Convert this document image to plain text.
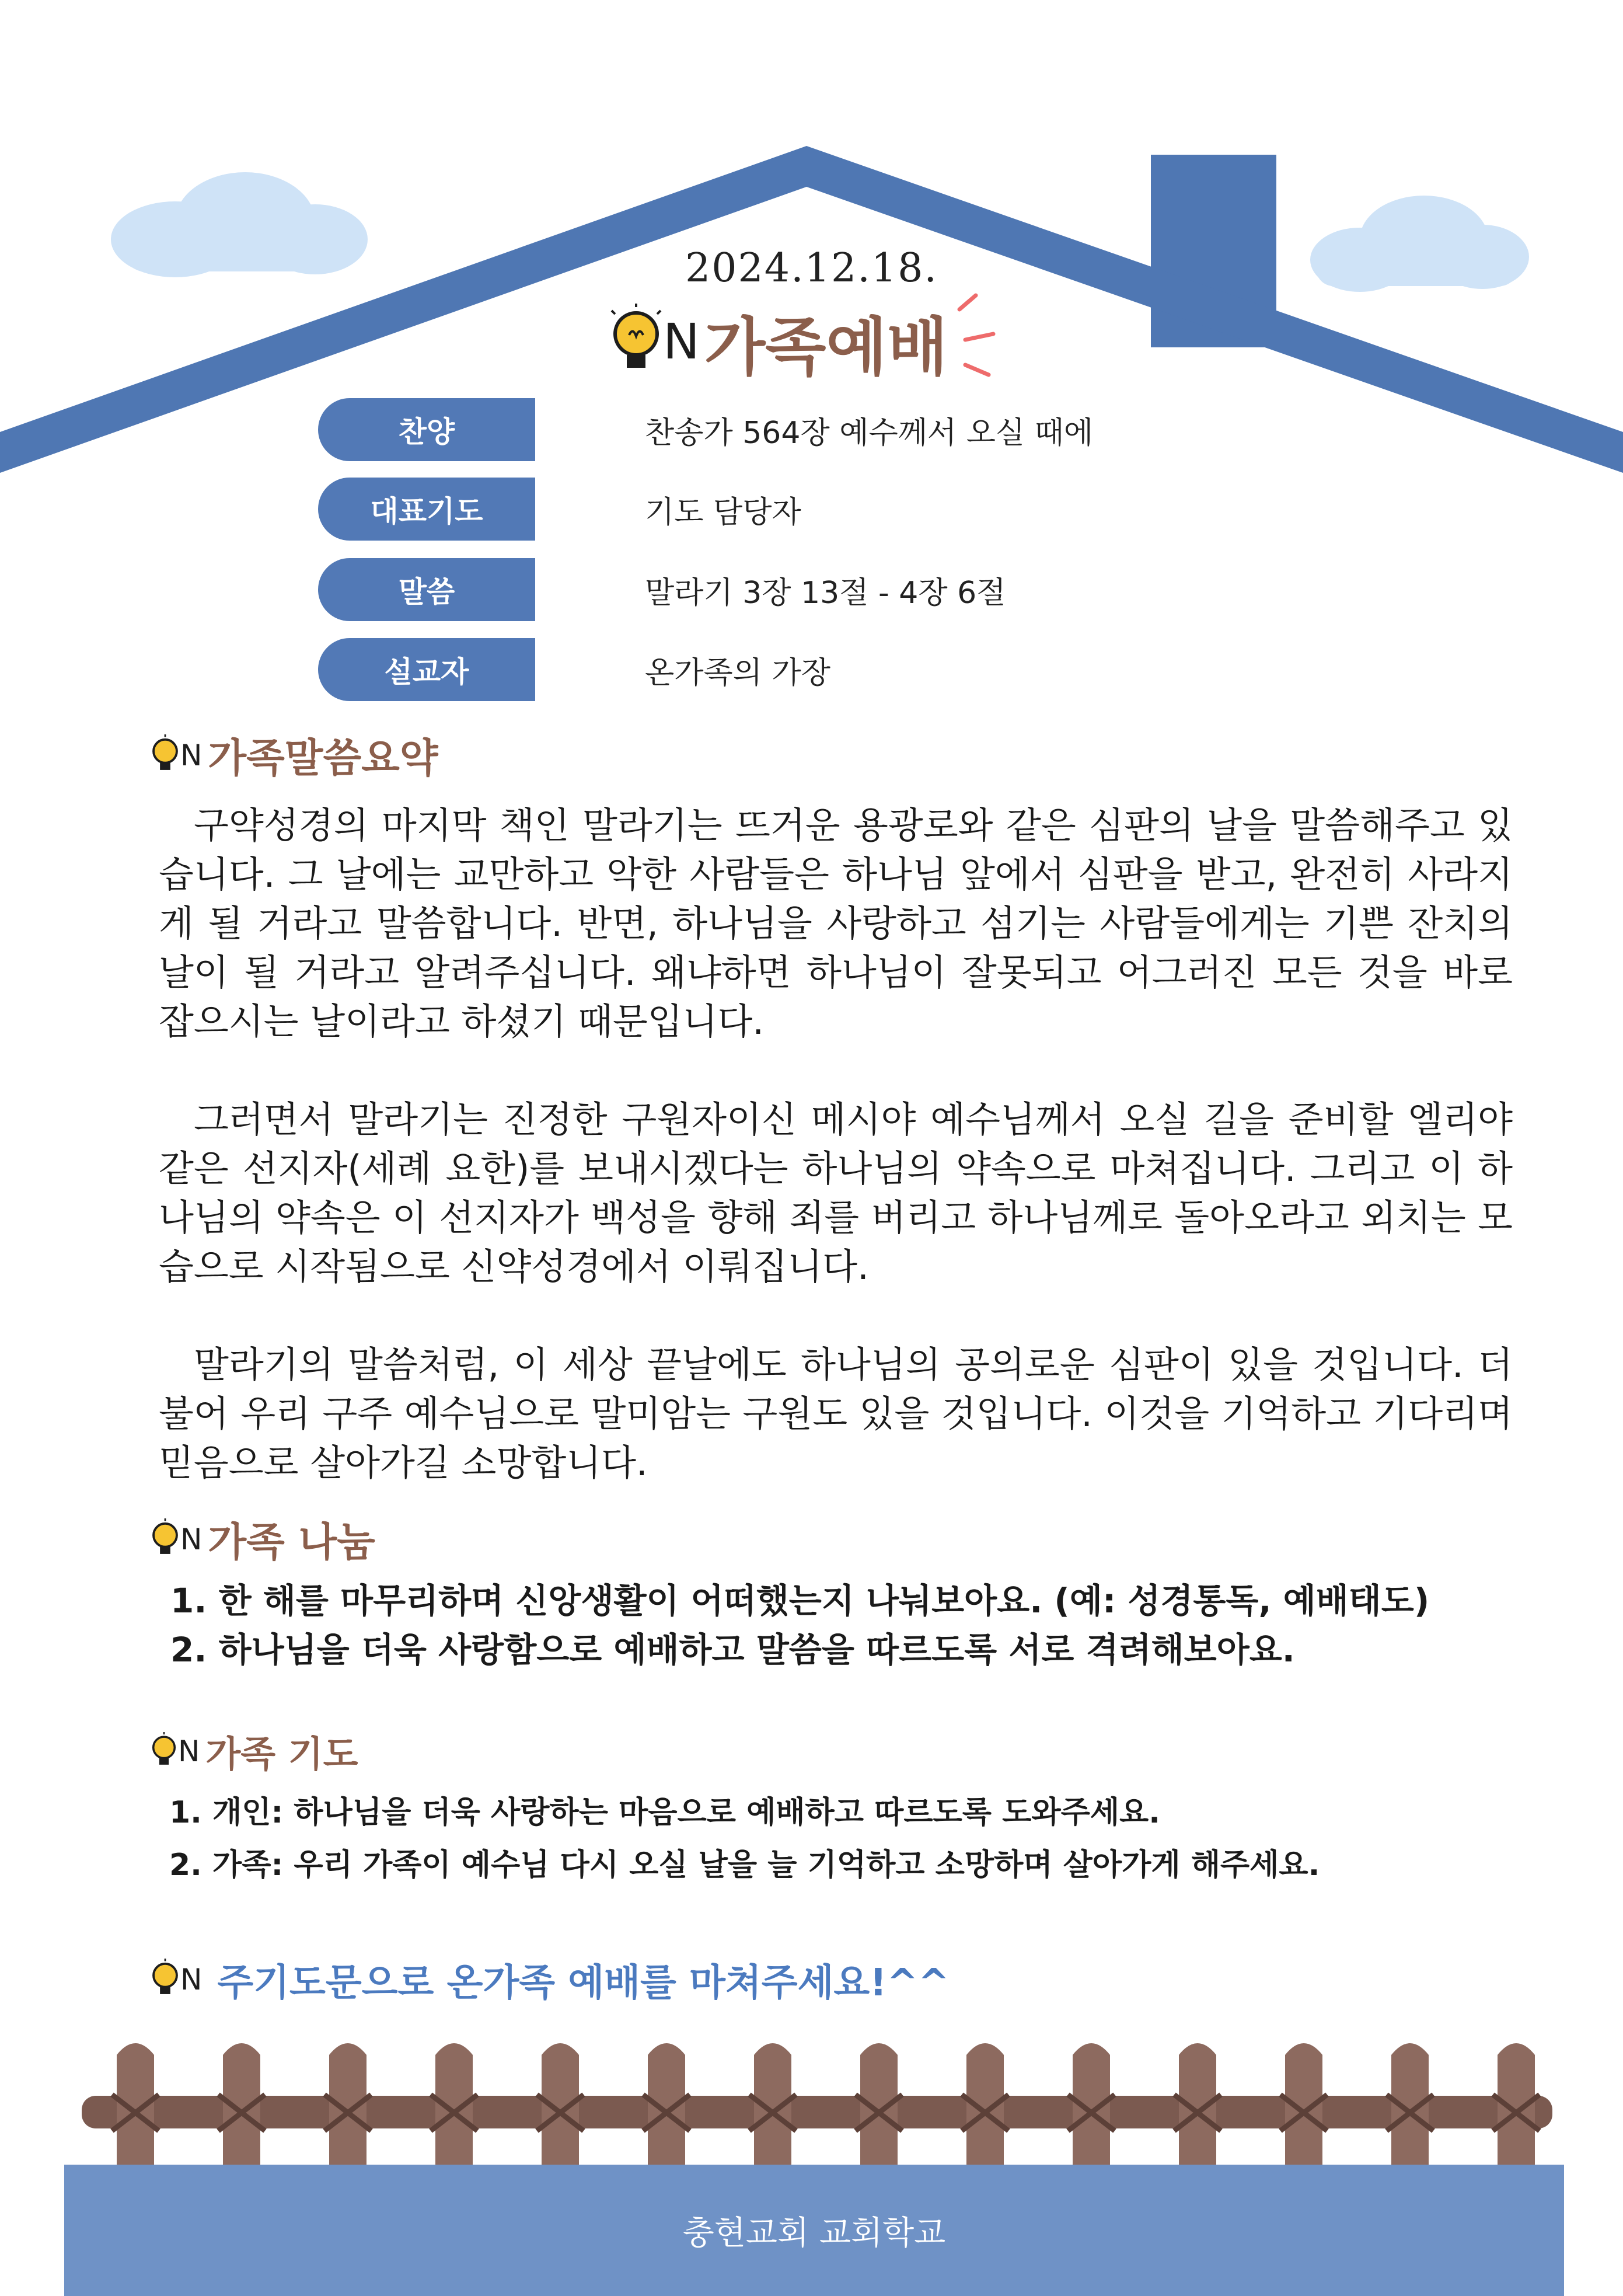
2024.12.18.
N 가족예배
찬양	찬송가 564장 예수께서 오실 때에
대표기도	기도 담당자
말씀	말라기 3장 13절 - 4장 6절
설교자	온가족의 가장
N 가족말씀요약

구약성경의 마지막 책인 말라기는 뜨거운 용광로와 같은 심판의 날을 말씀해주고 있습니다. 그 날에는 교만하고 악한 사람들은 하나님 앞에서 심판을 받고, 완전히 사라지게 될 거라고 말씀합니다. 반면, 하나님을 사랑하고 섬기는 사람들에게는 기쁜 잔치의 날이 될 거라고 알려주십니다. 왜냐하면 하나님이 잘못되고 어그러진 모든 것을 바로 잡으시는 날이라고 하셨기 때문입니다.

그러면서 말라기는 진정한 구원자이신 메시야 예수님께서 오실 길을 준비할 엘리야 같은 선지자(세례 요한)를 보내시겠다는 하나님의 약속으로 마쳐집니다. 그리고 이 하나님의 약속은 이 선지자가 백성을 향해 죄를 버리고 하나님께로 돌아오라고 외치는 모습으로 시작됨으로 신약성경에서 이뤄집니다.

말라기의 말씀처럼, 이 세상 끝날에도 하나님의 공의로운 심판이 있을 것입니다. 더불어 우리 구주 예수님으로 말미암는 구원도 있을 것입니다. 이것을 기억하고 기다리며 믿음으로 살아가길 소망합니다.

N 가족 나눔
1. 한 해를 마무리하며 신앙생활이 어떠했는지 나눠보아요. (예: 성경통독, 예배태도)
2. 하나님을 더욱 사랑함으로 예배하고 말씀을 따르도록 서로 격려해보아요.
N 가족 기도
1. 개인: 하나님을 더욱 사랑하는 마음으로 예배하고 따르도록 도와주세요.
2. 가족: 우리 가족이 예수님 다시 오실 날을 늘 기억하고 소망하며 살아가게 해주세요.
N 주기도문으로 온가족 예배를 마쳐주세요!^^
충현교회 교회학교
